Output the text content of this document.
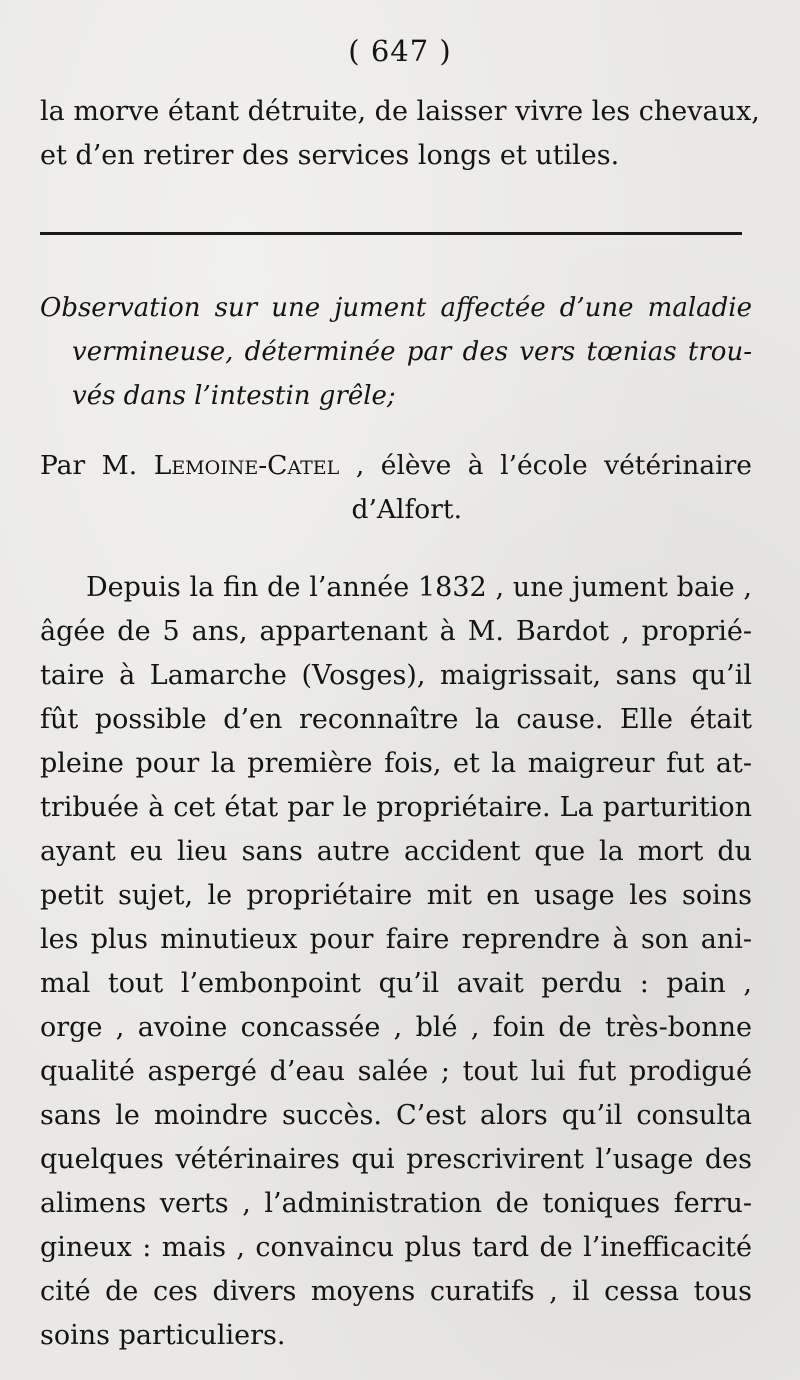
( 647 )
la morve étant détruite, de laisser vivre les chevaux,
et d’en retirer des services longs et utiles.
Observation sur une jument affectée d’une maladie
vermineuse, déterminée par des vers tœnias trou-
vés dans l’intestin grêle;
Par M. Lemoine-Catel , élève à l’école vétérinaire
d’Alfort.
Depuis la fin de l’année 1832 , une jument baie ,
âgée de 5 ans, appartenant à M. Bardot , proprié-
taire à Lamarche (Vosges), maigrissait, sans qu’il
fût possible d’en reconnaître la cause. Elle était
pleine pour la première fois, et la maigreur fut at-
tribuée à cet état par le propriétaire. La parturition
ayant eu lieu sans autre accident que la mort du
petit sujet, le propriétaire mit en usage les soins
les plus minutieux pour faire reprendre à son ani-
mal tout l’embonpoint qu’il avait perdu : pain ,
orge , avoine concassée , blé , foin de très-bonne
qualité aspergé d’eau salée ; tout lui fut prodigué
sans le moindre succès. C’est alors qu’il consulta
quelques vétérinaires qui prescrivirent l’usage des
alimens verts , l’administration de toniques ferru-
gineux : mais , convaincu plus tard de l’inefficacité
cité de ces divers moyens curatifs , il cessa tous
soins particuliers.
